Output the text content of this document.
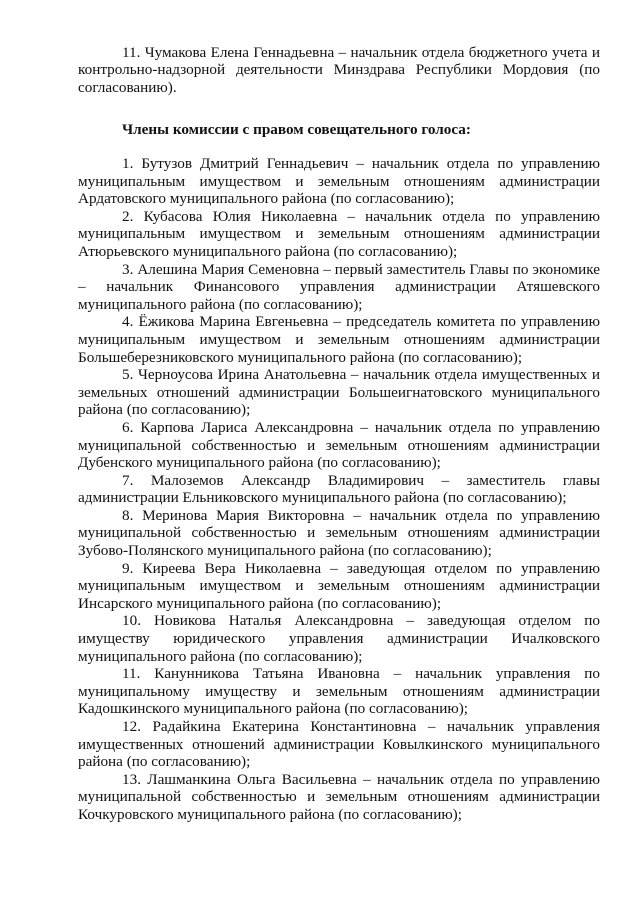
11. Чумакова Елена Геннадьевна – начальник отдела бюджетного учета и контрольно-надзорной деятельности Минздрава Республики Мордовия (по согласованию).

Члены комиссии с правом совещательного голоса:

1. Бутузов Дмитрий Геннадьевич – начальник отдела по управлению муниципальным имуществом и земельным отношениям администрации Ардатовского муниципального района (по согласованию);

2. Кубасова Юлия Николаевна – начальник отдела по управлению муниципальным имуществом и земельным отношениям администрации Атюрьевского муниципального района (по согласованию);

3. Алешина Мария Семеновна – первый заместитель Главы по экономике – начальник Финансового управления администрации Атяшевского муниципального района (по согласованию);

4. Ёжикова Марина Евгеньевна – председатель комитета по управлению муниципальным имуществом и земельным отношениям администрации Большеберезниковского муниципального района (по согласованию);

5. Черноусова Ирина Анатольевна – начальник отдела имущественных и земельных отношений администрации Большеигнатовского муниципального района (по согласованию);

6. Карпова Лариса Александровна – начальник отдела по управлению муниципальной собственностью и земельным отношениям администрации Дубенского муниципального района (по согласованию);

7. Малоземов Александр Владимирович – заместитель главы администрации Ельниковского муниципального района (по согласованию);

8. Меринова Мария Викторовна – начальник отдела по управлению муниципальной собственностью и земельным отношениям администрации Зубово-Полянского муниципального района (по согласованию);

9. Киреева Вера Николаевна – заведующая отделом по управлению муниципальным имуществом и земельным отношениям администрации Инсарского муниципального района (по согласованию);

10. Новикова Наталья Александровна – заведующая отделом по имуществу юридического управления администрации Ичалковского муниципального района (по согласованию);

11. Канунникова Татьяна Ивановна – начальник управления по муниципальному имуществу и земельным отношениям администрации Кадошкинского муниципального района (по согласованию);

12. Радайкина Екатерина Константиновна – начальник управления имущественных отношений администрации Ковылкинского муниципального района (по согласованию);

13. Лашманкина Ольга Васильевна – начальник отдела по управлению муниципальной собственностью и земельным отношениям администрации Кочкуровского муниципального района (по согласованию);
